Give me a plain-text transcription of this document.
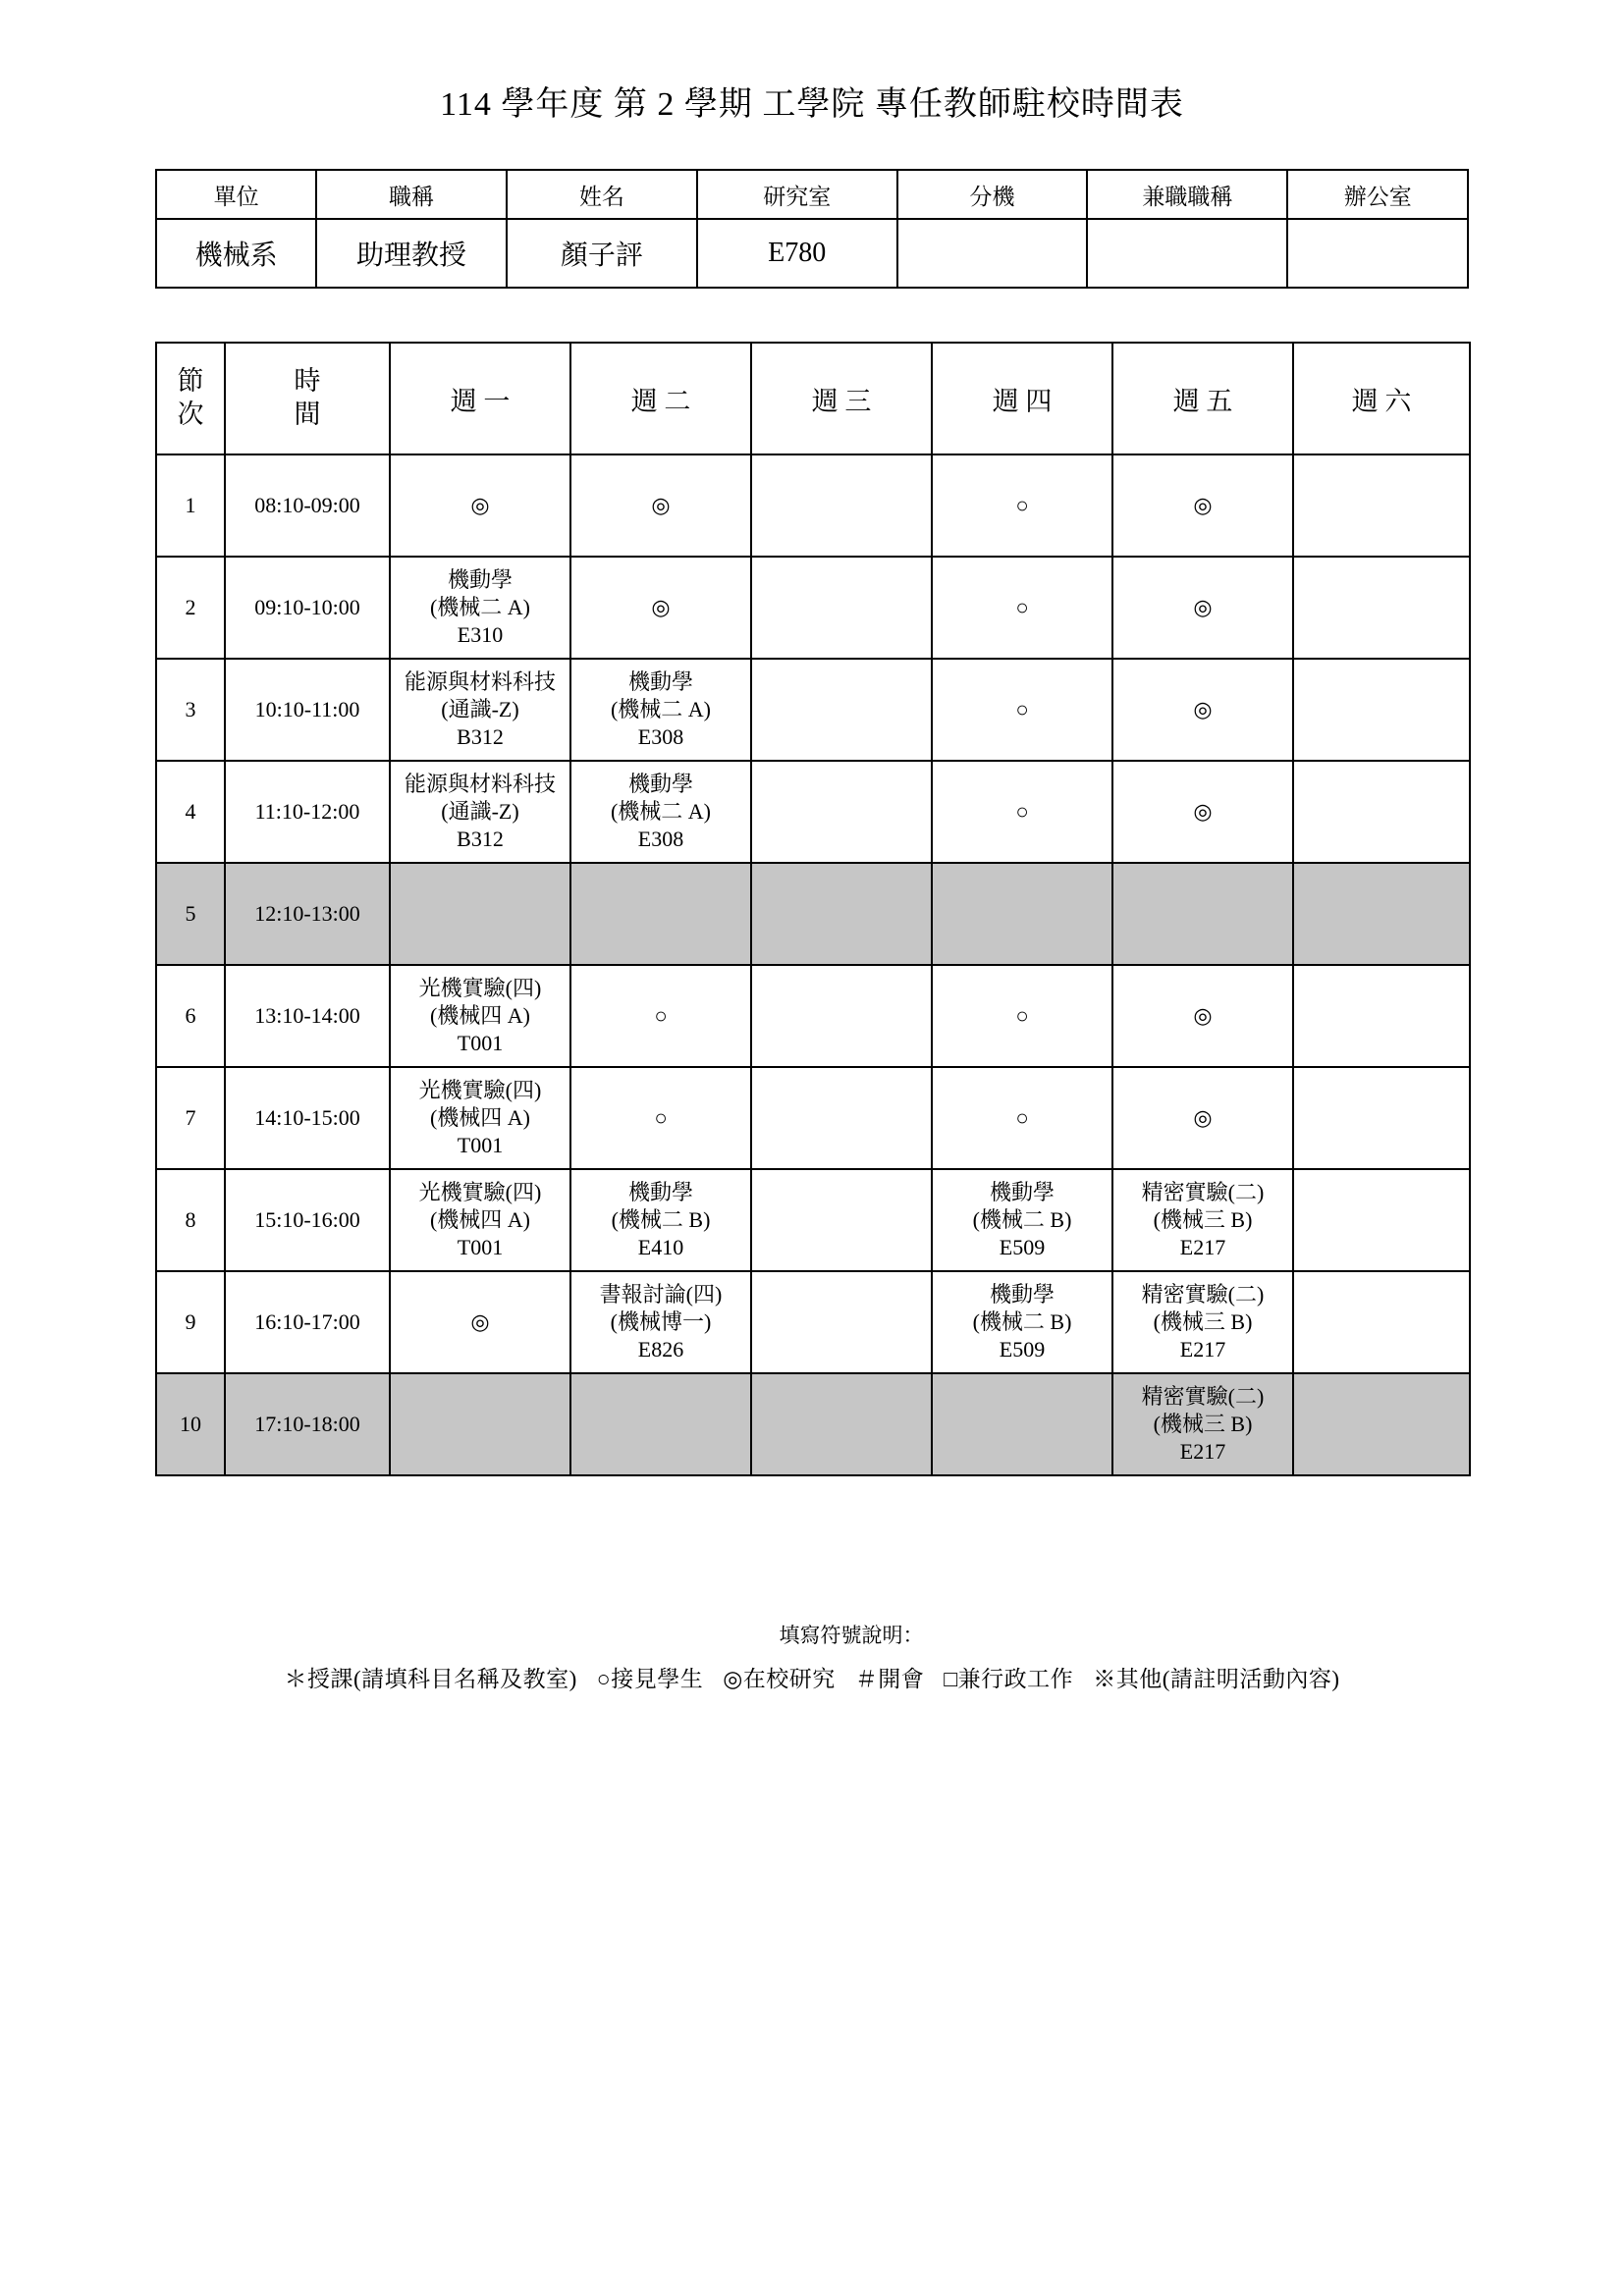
114 學年度 第 2 學期 工學院 專任教師駐校時間表
單位	職稱	姓名	研究室	分機	兼職職稱	辦公室
機械系	助理教授	顏子評	E780			
節
次	時
間	週 一	週 二	週 三	週 四	週 五	週 六
1	08:10-09:00	◎	◎		○	◎	
2	09:10-10:00	機動學
(機械二 A)
E310	◎		○	◎	
3	10:10-11:00	能源與材料科技
(通識-Z)
B312	機動學
(機械二 A)
E308		○	◎	
4	11:10-12:00	能源與材料科技
(通識-Z)
B312	機動學
(機械二 A)
E308		○	◎	
5	12:10-13:00						
6	13:10-14:00	光機實驗(四)
(機械四 A)
T001	○		○	◎	
7	14:10-15:00	光機實驗(四)
(機械四 A)
T001	○		○	◎	
8	15:10-16:00	光機實驗(四)
(機械四 A)
T001	機動學
(機械二 B)
E410		機動學
(機械二 B)
E509	精密實驗(二)
(機械三 B)
E217	

9	16:10-17:00	◎	書報討論(四)
(機械博一)
E826		機動學
(機械二 B)
E509	精密實驗(二)
(機械三 B)
E217	

10	17:10-18:00					精密實驗(二)
(機械三 B)
E217	

填寫符號說明：
＊授課(請填科目名稱及教室) ○接見學生 ◎在校研究 ＃開會 □兼行政工作 ※其他(請註明活動內容)
